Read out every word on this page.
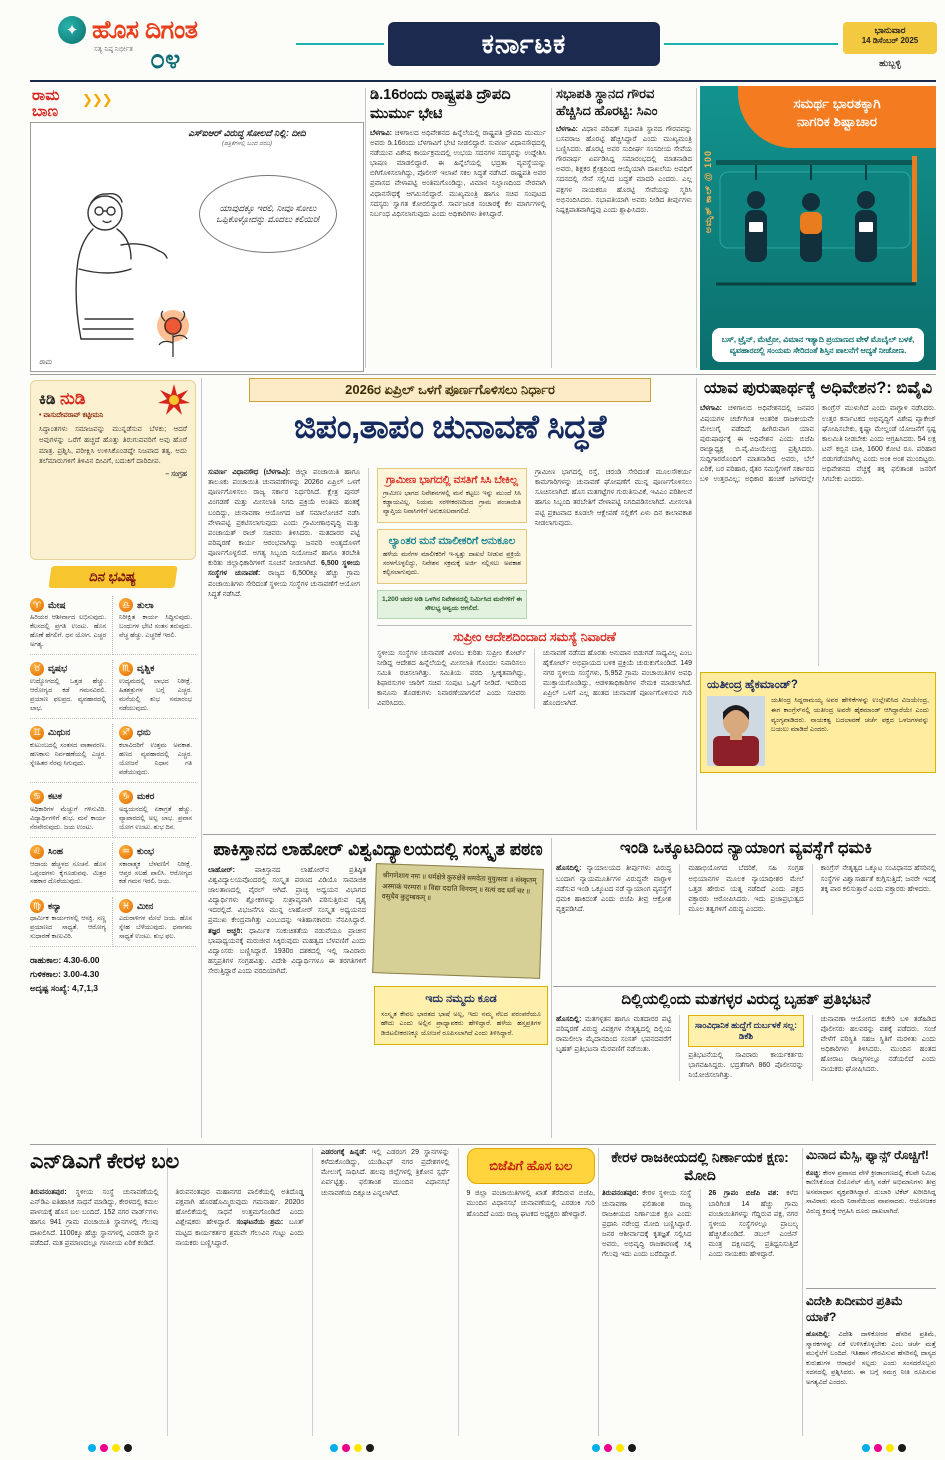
✦ ಹೊಸ ದಿಗಂತ
ಸತ್ಯ ನಿಷ್ಠ ನಿರ್ಭೀತ ೦೪	ಕರ್ನಾಟಕ	ಭಾನುವಾರ
14 ಡಿಸೆಂಬರ್ 2025
ಹುಬ್ಬಳ್ಳಿ
ರಾಮ
ಬಾಣ
❯❯❯
ಎಸ್‌ಐಆರ್ ವಿರುದ್ಧ ಸೋಲದೆ ನಿಲ್ಲಿ: ದೀದಿ
(ಪತ್ರಿಕೆಗಳಲ್ಲಿ ಬಂದ ವರದಿ)
ಯಾವುದಕ್ಕೂ ಇರಲಿ, ನೀವೂ ಸೋಲು ಒಪ್ಪಿಕೊಳ್ಳೋದನ್ನು ಮೊದಲು ಕಲಿಯಿರಿ!
ರಾಮ
ಡಿ.16ರಂದು ರಾಷ್ಟ್ರಪತಿ ದ್ರೌಪದಿ ಮುರ್ಮು ಭೇಟಿ

ಬೆಳಗಾವಿ: ಚಳಿಗಾಲದ ಅಧಿವೇಶನದ ಹಿನ್ನೆಲೆಯಲ್ಲಿ ರಾಷ್ಟ್ರಪತಿ ದ್ರೌಪದಿ ಮುರ್ಮು ಅವರು ಡಿ.16ರಂದು ಬೆಳಗಾವಿಗೆ ಭೇಟಿ ನೀಡಲಿದ್ದಾರೆ. ಸುವರ್ಣ ವಿಧಾನಸೌಧದಲ್ಲಿ ನಡೆಯುವ ವಿಶೇಷ ಕಾರ್ಯಕ್ರಮದಲ್ಲಿ ಉಭಯ ಸದನಗಳ ಸದಸ್ಯರನ್ನು ಉದ್ದೇಶಿಸಿ ಭಾಷಣ ಮಾಡಲಿದ್ದಾರೆ. ಈ ಹಿನ್ನೆಲೆಯಲ್ಲಿ ಭದ್ರತಾ ವ್ಯವಸ್ಥೆಯನ್ನು ಬಿಗಿಗೊಳಿಸಲಾಗಿದ್ದು, ಪೊಲೀಸ್ ಇಲಾಖೆ ಸಕಲ ಸಿದ್ಧತೆ ನಡೆಸಿದೆ. ರಾಷ್ಟ್ರಪತಿ ಅವರ ಪ್ರವಾಸದ ವೇಳಾಪಟ್ಟಿ ಅಂತಿಮಗೊಂಡಿದ್ದು, ವಿಮಾನ ನಿಲ್ದಾಣದಿಂದ ನೇರವಾಗಿ ವಿಧಾನಸೌಧಕ್ಕೆ ಆಗಮಿಸಲಿದ್ದಾರೆ. ಮುಖ್ಯಮಂತ್ರಿ ಹಾಗೂ ಸಚಿವ ಸಂಪುಟದ ಸದಸ್ಯರು ಸ್ವಾಗತ ಕೋರಲಿದ್ದಾರೆ. ಸಾರ್ವಜನಿಕ ಸಂಚಾರಕ್ಕೆ ಕೆಲ ಮಾರ್ಗಗಳಲ್ಲಿ ನಿರ್ಬಂಧ ವಿಧಿಸಲಾಗುವುದು ಎಂದು ಅಧಿಕಾರಿಗಳು ತಿಳಿಸಿದ್ದಾರೆ.

ಸಭಾಪತಿ ಸ್ಥಾನದ ಗೌರವ ಹೆಚ್ಚಿಸಿದ ಹೊರಟ್ಟಿ: ಸಿಎಂ

ಬೆಳಗಾವಿ: ವಿಧಾನ ಪರಿಷತ್ ಸಭಾಪತಿ ಸ್ಥಾನದ ಗೌರವವನ್ನು ಬಸವರಾಜ ಹೊರಟ್ಟಿ ಹೆಚ್ಚಿಸಿದ್ದಾರೆ ಎಂದು ಮುಖ್ಯಮಂತ್ರಿ ಬಣ್ಣಿಸಿದರು. ಹೊರಟ್ಟಿ ಅವರ ಸುದೀರ್ಘ ಸಂಸದೀಯ ಸೇವೆಯ ಗೌರವಾರ್ಥ ಏರ್ಪಡಿಸಿದ್ದ ಸಮಾರಂಭದಲ್ಲಿ ಮಾತನಾಡಿದ ಅವರು, ಶಿಕ್ಷಕರ ಕ್ಷೇತ್ರದಿಂದ ಆಯ್ಕೆಯಾಗಿ ದಾಖಲೆಯ ಅವಧಿಗೆ ಸದನದಲ್ಲಿ ಸೇವೆ ಸಲ್ಲಿಸಿದ ಬದ್ಧತೆ ಮಾದರಿ ಎಂದರು. ಎಲ್ಲ ಪಕ್ಷಗಳ ನಾಯಕರೂ ಹೊರಟ್ಟಿ ಸೇವೆಯನ್ನು ಸ್ಮರಿಸಿ ಅಭಿನಂದಿಸಿದರು. ಸಭಾಪತಿಯಾಗಿ ಅವರು ನೀಡಿದ ತೀರ್ಪುಗಳು ನಿಷ್ಪಕ್ಷಪಾತವಾಗಿದ್ದವು ಎಂದು ಶ್ಲಾಘಿಸಿದರು.

ಸಮರ್ಥ ಭಾರತಕ್ಕಾಗಿ
ನಾಗರಿಕ ಶಿಷ್ಟಾಚಾರ
ಅಮೃತ್ ಕಾಲ್ @ 100
ಬಸ್, ಟ್ರೈನ್, ಮೆಟ್ರೋ, ವಿಮಾನ ಇತ್ಯಾದಿ ಪ್ರಯಾಣದ ವೇಳೆ ಮೊಬೈಲ್ ಬಳಕೆ, ವ್ಯವಹಾರದಲ್ಲಿ ಸಂಯಮ ಸೇರಿದಂತೆ ಶಿಸ್ತಿನ ಪಾಲನೆಗೆ ಆದ್ಯತೆ ನೀಡೋಣ.
ಕಿಡಿ ನುಡಿ
• ವಾಸುದೇವರಾವ್ ಕಟ್ಟೀಮನಿ
ಸಿದ್ಧಾಂತಗಳು ಸಮಾಜವನ್ನು ಮುನ್ನಡೆಸುವ ಬೆಳಕು; ಆದರೆ ಅವುಗಳನ್ನು ಒರೆಗೆ ಹಚ್ಚದೆ ಹೊತ್ತು ತಿರುಗುವವರಿಗೆ ಅವು ಹೊರೆ ಮಾತ್ರ. ಪ್ರಶ್ನಿಸಿ, ಪರೀಕ್ಷಿಸಿ ಉಳಿಸಿಕೊಂಡದ್ದೇ ನಿಜವಾದ ತತ್ವ. ಅದು ತಲೆಮಾರುಗಳಿಗೆ ತಿಳಿವಿನ ದೀವಿಗೆ, ಬದುಕಿಗೆ ದಾರಿದೀಪ.
– ಸಂಗ್ರಹ
ದಿನ ಭವಿಷ್ಯ
♈ ಮೇಷ
ಹಿರಿಯರ ಆಶೀರ್ವಾದ ಲಭಿಸುವುದು. ಕೆಲಸದಲ್ಲಿ ಪ್ರಗತಿ ಉಂಟು. ಹೊಸ ಹೊಣೆ ಹೆಗಲಿಗೆ. ಧನ ಯೋಗ. ಎಚ್ಚರ ಅಗತ್ಯ.
♎ ತುಲಾ
ನಿರೀಕ್ಷಿತ ಕಾರ್ಯ ಸಿದ್ಧಿಸುವುದು. ಬಂಧುಗಳ ಭೇಟಿ ಸಂತಸ ತರುವುದು. ವೆಚ್ಚ ಹೆಚ್ಚು. ಎಚ್ಚರಿಕೆ ಇರಲಿ.
♉ ವೃಷಭ
ಉದ್ಯೋಗದಲ್ಲಿ ಒತ್ತಡ ಹೆಚ್ಚು. ಆರೋಗ್ಯದ ಕಡೆ ಗಮನವಿರಲಿ. ಪ್ರಯಾಣ ಫಲಪ್ರದ. ವ್ಯವಹಾರದಲ್ಲಿ ಲಾಭ.
♏ ವೃಶ್ಚಿಕ
ಉದ್ಯಮದಲ್ಲಿ ಲಾಭದ ನಿರೀಕ್ಷೆ. ಹಿತಶತ್ರುಗಳ ಬಗ್ಗೆ ಎಚ್ಚರ. ಮನೆಯಲ್ಲಿ ಶುಭ ಸಮಾರಂಭ ನಡೆಯುವುದು.
♊ ಮಿಥುನ
ಕುಟುಂಬದಲ್ಲಿ ಸಂತಸದ ವಾತಾವರಣ. ಹಣಕಾಸು ನಿರ್ವಹಣೆಯಲ್ಲಿ ಎಚ್ಚರ. ಸ್ನೇಹಿತರ ನೆರವು ಸಿಗುವುದು.
♐ ಧನು
ಕಲಾವಿದರಿಗೆ ಉತ್ತಮ ಅವಕಾಶ. ಹಣದ ವ್ಯವಹಾರದಲ್ಲಿ ಎಚ್ಚರ. ಯೋಜನೆ ನಿಧಾನ ಗತಿ ಪಡೆಯುವುದು.
♋ ಕಟಕ
ಅಧಿಕಾರಿಗಳ ಮೆಚ್ಚುಗೆ ಗಳಿಸುವಿರಿ. ವಿದ್ಯಾರ್ಥಿಗಳಿಗೆ ಶುಭ. ಮನೆ ಕಾರ್ಯ ನೆರವೇರುವುದು. ಜಯ ಉಂಟು.
♑ ಮಕರ
ಅಧ್ಯಯನದಲ್ಲಿ ಏಕಾಗ್ರತೆ ಹೆಚ್ಚು. ವ್ಯಾಪಾರದಲ್ಲಿ ಅಲ್ಪ ಲಾಭ. ಪ್ರವಾಸ ಯೋಗ ಉಂಟು. ಶುಭ ದಿನ.
♌ ಸಿಂಹ
ಆದಾಯ ಹೆಚ್ಚಳದ ಸೂಚನೆ. ಹೊಸ ಒಪ್ಪಂದಗಳು ಕೈಗೂಡುವವು. ಮಿತ್ರರ ಸಹಕಾರ ದೊರೆಯುವುದು.
♒ ಕುಂಭ
ಸಕಾರಾತ್ಮಕ ಬೆಳವಣಿಗೆ ನಿರೀಕ್ಷೆ. ಆಪ್ತರ ಸಲಹೆ ಪಾಲಿಸಿ. ಆರೋಗ್ಯದ ಕಡೆ ಗಮನ ಇರಲಿ. ಜಯ.
♍ ಕನ್ಯಾ
ಧಾರ್ಮಿಕ ಕಾರ್ಯಗಳಲ್ಲಿ ಆಸಕ್ತಿ. ಸಣ್ಣ ಪ್ರಯಾಣದ ಸಾಧ್ಯತೆ. ಆರೋಗ್ಯ ಸುಧಾರಣೆ ಕಾಣುವಿರಿ.
♓ ಮೀನ
ಎದುರಾಳಿಗಳ ಮೇಲೆ ಜಯ. ಹೊಸ ಸ್ನೇಹ ಬೆಳೆಯುವುದು. ಧನಾಗಮ ಸಾಧ್ಯತೆ ಉಂಟು. ಶುಭ ಫಲ.
ರಾಹುಕಾಲ: 4.30-6.00
ಗುಳಿಕಕಾಲ: 3.00-4.30
ಅದೃಷ್ಟ ಸಂಖ್ಯೆ: 4,7,1,3
2026ರ ಏಪ್ರಿಲ್ ಒಳಗೆ ಪೂರ್ಣಗೊಳಿಸಲು ನಿರ್ಧಾರ
ಜಿಪಂ,ತಾಪಂ ಚುನಾವಣೆ ಸಿದ್ಧತೆ

ಸುವರ್ಣ ವಿಧಾನಸೌಧ (ಬೆಳಗಾವಿ): ಜಿಲ್ಲಾ ಪಂಚಾಯಿತಿ ಹಾಗೂ ತಾಲೂಕು ಪಂಚಾಯಿತಿ ಚುನಾವಣೆಗಳನ್ನು 2026ರ ಏಪ್ರಿಲ್ ಒಳಗೆ ಪೂರ್ಣಗೊಳಿಸಲು ರಾಜ್ಯ ಸರ್ಕಾರ ನಿರ್ಧರಿಸಿದೆ. ಕ್ಷೇತ್ರ ಪುನರ್ ವಿಂಗಡಣೆ ಮತ್ತು ಮೀಸಲಾತಿ ನಿಗದಿ ಪ್ರಕ್ರಿಯೆ ಅಂತಿಮ ಹಂತಕ್ಕೆ ಬಂದಿದ್ದು, ಚುನಾವಣಾ ಆಯೋಗದ ಜತೆ ಸಮಾಲೋಚನೆ ನಡೆಸಿ ವೇಳಾಪಟ್ಟಿ ಪ್ರಕಟಿಸಲಾಗುವುದು ಎಂದು ಗ್ರಾಮೀಣಾಭಿವೃದ್ಧಿ ಮತ್ತು ಪಂಚಾಯತ್ ರಾಜ್ ಸಚಿವರು ತಿಳಿಸಿದರು. ಮತದಾರರ ಪಟ್ಟಿ ಪರಿಷ್ಕರಣೆ ಕಾರ್ಯ ಆರಂಭವಾಗಿದ್ದು ಜನವರಿ ಅಂತ್ಯದೊಳಗೆ ಪೂರ್ಣಗೊಳ್ಳಲಿದೆ. ಅಗತ್ಯ ಸಿಬ್ಬಂದಿ ನಿಯೋಜನೆ ಹಾಗೂ ತರಬೇತಿ ಕುರಿತು ಜಿಲ್ಲಾಧಿಕಾರಿಗಳಿಗೆ ಸೂಚನೆ ನೀಡಲಾಗಿದೆ. 6,500 ಸ್ಥಳೀಯ ಸಂಸ್ಥೆಗಳ ಚುನಾವಣೆ: ರಾಜ್ಯದ 6,500ಕ್ಕೂ ಹೆಚ್ಚು ಗ್ರಾಮ ಪಂಚಾಯಿತಿಗಳು ಸೇರಿದಂತೆ ಸ್ಥಳೀಯ ಸಂಸ್ಥೆಗಳ ಚುನಾವಣೆಗೆ ಆಯೋಗ ಸಿದ್ಧತೆ ನಡೆಸಿದೆ.

ಗ್ರಾಮೀಣ ಭಾಗದಲ್ಲಿ ವಸತಿಗೆ ಸಿಸಿ ಬೇಕಿಲ್ಲ
ಗ್ರಾಮೀಣ ಭಾಗದ ನಿವೇಶನಗಳಲ್ಲಿ ಮನೆ ಕಟ್ಟಲು ಇನ್ನು ಮುಂದೆ ಸಿಸಿ ಕಡ್ಡಾಯವಿಲ್ಲ. ನಿಯಮ ಸರಳೀಕರಣದಿಂದ ಗ್ರಾಮ ಪಂಚಾಯಿತಿ ವ್ಯಾಪ್ತಿಯ ನಿವಾಸಿಗಳಿಗೆ ಅನುಕೂಲವಾಗಲಿದೆ.
ಲ್ಯಾಂತರ ಮನೆ ಮಾಲೀಕರಿಗೆ ಅನುಕೂಲ
ಹಳೆಯ ಮನೆಗಳ ಮಾಲೀಕರಿಗೆ ಇ-ಸ್ವತ್ತು ದಾಖಲೆ ನೀಡುವ ಪ್ರಕ್ರಿಯೆ ಸರಳಗೊಳ್ಳಲಿದ್ದು, ನಿವೇಶನ ಸಕ್ರಮಕ್ಕೆ ಅರ್ಜಿ ಸಲ್ಲಿಸಲು ಅವಕಾಶ ಕಲ್ಪಿಸಲಾಗುವುದು.
1,200 ಚದರ ಅಡಿ ಒಳಗಿನ ನಿವೇಶನದಲ್ಲಿ ನಿರ್ಮಿಸಿದ ಮನೆಗಳಿಗೆ ಈ ಸೌಲಭ್ಯ ಅನ್ವಯ ಆಗಲಿದೆ.

ಗ್ರಾಮೀಣ ಭಾಗದಲ್ಲಿ ರಸ್ತೆ, ಚರಂಡಿ ಸೇರಿದಂತೆ ಮೂಲಸೌಕರ್ಯ ಕಾಮಗಾರಿಗಳನ್ನು ಚುನಾವಣೆ ಘೋಷಣೆಗೆ ಮುನ್ನ ಪೂರ್ಣಗೊಳಿಸಲು ಸೂಚಿಸಲಾಗಿದೆ. ಹೊಸ ಮತಗಟ್ಟೆಗಳ ಗುರುತಿಸುವಿಕೆ, ಇವಿಎಂ ಪರಿಶೀಲನೆ ಹಾಗೂ ಸಿಬ್ಬಂದಿ ತರಬೇತಿಗೆ ವೇಳಾಪಟ್ಟಿ ನಿಗದಿಪಡಿಸಲಾಗಿದೆ. ಮೀಸಲಾತಿ ಪಟ್ಟಿ ಪ್ರಕಟವಾದ ಕೂಡಲೇ ಆಕ್ಷೇಪಣೆ ಸಲ್ಲಿಕೆಗೆ ಏಳು ದಿನ ಕಾಲಾವಕಾಶ ನೀಡಲಾಗುವುದು.

ಸುಪ್ರೀಂ ಆದೇಶದಿಂದಾದ ಸಮಸ್ಯೆ ನಿವಾರಣೆ

ಸ್ಥಳೀಯ ಸಂಸ್ಥೆಗಳ ಚುನಾವಣೆ ವಿಳಂಬ ಕುರಿತು ಸುಪ್ರೀಂ ಕೋರ್ಟ್ ನೀಡಿದ್ದ ಆದೇಶದ ಹಿನ್ನೆಲೆಯಲ್ಲಿ ಮೀಸಲಾತಿ ಗೊಂದಲ ನಿವಾರಿಸಲು ಸಮಿತಿ ರಚಿಸಲಾಗಿತ್ತು. ಸಮಿತಿಯ ವರದಿ ಸ್ವೀಕೃತವಾಗಿದ್ದು, ಶಿಫಾರಸುಗಳ ಜಾರಿಗೆ ಸಚಿವ ಸಂಪುಟ ಒಪ್ಪಿಗೆ ನೀಡಿದೆ. ಇದರಿಂದ ಕಾನೂನು ತೊಡಕುಗಳು ನಿವಾರಣೆಯಾಗಲಿವೆ ಎಂದು ಸಚಿವರು ವಿವರಿಸಿದರು.

ಚುನಾವಣೆ ನಡೆಸದ ಹೊರತು ಅನುದಾನ ಬಿಡುಗಡೆ ಸಾಧ್ಯವಿಲ್ಲ ಎಂಬ ಹೈಕೋರ್ಟ್ ಅಭಿಪ್ರಾಯದ ಬಳಿಕ ಪ್ರಕ್ರಿಯೆ ಚುರುಕುಗೊಂಡಿದೆ. 149 ನಗರ ಸ್ಥಳೀಯ ಸಂಸ್ಥೆಗಳು, 5,952 ಗ್ರಾಮ ಪಂಚಾಯಿತಿಗಳ ಅವಧಿ ಮುಕ್ತಾಯಗೊಂಡಿದ್ದು, ಆಡಳಿತಾಧಿಕಾರಿಗಳ ನೇಮಕ ಮಾಡಲಾಗಿದೆ. ಏಪ್ರಿಲ್ ಒಳಗೆ ಎಲ್ಲ ಹಂತದ ಚುನಾವಣೆ ಪೂರ್ಣಗೊಳಿಸುವ ಗುರಿ ಹೊಂದಲಾಗಿದೆ.

ಯಾವ ಪುರುಷಾರ್ಥಕ್ಕೆ ಅಧಿವೇಶನ?: ಬಿವೈವಿ

ಬೆಳಗಾವಿ: ಚಳಿಗಾಲದ ಅಧಿವೇಶನದಲ್ಲಿ ಜನಪರ ವಿಷಯಗಳ ಚರ್ಚೆಗಿಂತ ಆಂತರಿಕ ರಾಜಕೀಯವೇ ಮೇಲುಗೈ ಪಡೆದಿದೆ; ಹೀಗಿರುವಾಗ ಯಾವ ಪುರುಷಾರ್ಥಕ್ಕೆ ಈ ಅಧಿವೇಶನ ಎಂದು ಬಿಜೆಪಿ ರಾಜ್ಯಾಧ್ಯಕ್ಷ ಬಿ.ವೈ.ವಿಜಯೇಂದ್ರ ಪ್ರಶ್ನಿಸಿದರು. ಸುದ್ದಿಗಾರರೊಂದಿಗೆ ಮಾತನಾಡಿದ ಅವರು, ಬೆಲೆ ಏರಿಕೆ, ಬರ ಪರಿಹಾರ, ರೈತರ ಸಮಸ್ಯೆಗಳಿಗೆ ಸರ್ಕಾರದ ಬಳಿ ಉತ್ತರವಿಲ್ಲ; ಅಧಿಕಾರ ಹಂಚಿಕೆ ಜಗಳದಲ್ಲೇ ಕಾಂಗ್ರೆಸ್ ಮುಳುಗಿದೆ ಎಂದು ವಾಗ್ದಾಳಿ ನಡೆಸಿದರು. ಉತ್ತರ ಕರ್ನಾಟಕದ ಅಭಿವೃದ್ಧಿಗೆ ವಿಶೇಷ ಪ್ಯಾಕೇಜ್ ಘೋಷಿಸಬೇಕು, ಕೃಷ್ಣಾ ಮೇಲ್ದಂಡೆ ಯೋಜನೆಗೆ ಸ್ಪಷ್ಟ ಕಾಲಮಿತಿ ನೀಡಬೇಕು ಎಂದು ಆಗ್ರಹಿಸಿದರು. 54 ಲಕ್ಷ ಟನ್ ಕಬ್ಬಿನ ಬಾಕಿ, 1600 ಕೋಟಿ ರೂ. ಪರಿಹಾರ ಬಿಡುಗಡೆಯಾಗಿಲ್ಲ ಎಂದು ಅಂಕಿ ಅಂಶ ಮುಂದಿಟ್ಟರು. ಅಧಿವೇಶನದ ವೆಚ್ಚಕ್ಕೆ ತಕ್ಕ ಫಲಿತಾಂಶ ಜನರಿಗೆ ಸಿಗಬೇಕು ಎಂದರು.

ಯತೀಂದ್ರ ಹೈಕಮಾಂಡ್?
ಯತೀಂದ್ರ ಸಿದ್ದರಾಮಯ್ಯ ಅವರ ಹೇಳಿಕೆಗಳನ್ನು ಉಲ್ಲೇಖಿಸಿದ ವಿಜಯೇಂದ್ರ, ಈಗ ಕಾಂಗ್ರೆಸ್‌ನಲ್ಲಿ ಯತೀಂದ್ರ ಅವರೇ ಹೈಕಮಾಂಡ್ ಆಗಿದ್ದಾರೆಯೇ ಎಂದು ವ್ಯಂಗ್ಯವಾಡಿದರು. ನಾಯಕತ್ವ ಬದಲಾವಣೆ ಚರ್ಚೆ ಪಕ್ಷದ ಒಳಜಗಳವನ್ನು ಬಯಲು ಮಾಡಿದೆ ಎಂದರು.
ಪಾಕಿಸ್ತಾನದ ಲಾಹೋರ್ ವಿಶ್ವವಿದ್ಯಾಲಯದಲ್ಲಿ ಸಂಸ್ಕೃತ ಪಠಣ

ಲಾಹೋರ್:	ಪಾಕಿಸ್ತಾನದ ಲಾಹೋರ್‌ನ ಪ್ರತಿಷ್ಠಿತ ವಿಶ್ವವಿದ್ಯಾಲಯವೊಂದರಲ್ಲಿ ಸಂಸ್ಕೃತ ಪಠಣದ ವಿಡಿಯೊ ಸಾಮಾಜಿಕ ಜಾಲತಾಣದಲ್ಲಿ ವೈರಲ್ ಆಗಿದೆ. ಪ್ರಾಚ್ಯ ಅಧ್ಯಯನ ವಿಭಾಗದ ವಿದ್ಯಾರ್ಥಿಗಳು ಶ್ಲೋಕಗಳನ್ನು ಸುಶ್ರಾವ್ಯವಾಗಿ ಪಠಿಸುತ್ತಿರುವ ದೃಶ್ಯ ಇದರಲ್ಲಿದೆ. ವಿಭಜನೆಗೂ ಮುನ್ನ ಲಾಹೋರ್ ಸಂಸ್ಕೃತ ಅಧ್ಯಯನದ ಪ್ರಮುಖ ಕೇಂದ್ರವಾಗಿತ್ತು ಎಂಬುದನ್ನು ಇತಿಹಾಸಕಾರರು ನೆನಪಿಸಿದ್ದಾರೆ. ತಜ್ಞರ ಅಚ್ಚರಿ: ಧಾರ್ಮಿಕ ಸಂಕುಚಿತತೆಯ ನಡುವೆಯೂ ಪ್ರಾಚೀನ ಭಾಷಾಧ್ಯಯನಕ್ಕೆ ಮರುಜೀವ ಸಿಕ್ಕಿರುವುದು ಮಹತ್ವದ ಬೆಳವಣಿಗೆ ಎಂದು ವಿದ್ವಾಂಸರು ಬಣ್ಣಿಸಿದ್ದಾರೆ. 1930ರ ದಶಕದಲ್ಲಿ ಇಲ್ಲಿ ಸಾವಿರಾರು ಹಸ್ತಪ್ರತಿಗಳ ಸಂಗ್ರಹವಿತ್ತು. ವಿದೇಶಿ ವಿದ್ಯಾರ್ಥಿಗಳೂ ಈ ತರಗತಿಗಳಿಗೆ ಸೇರುತ್ತಿದ್ದಾರೆ ಎಂದು ವರದಿಯಾಗಿದೆ.

श्रीगणेशाय नमः ॥ धर्मक्षेत्रे कुरुक्षेत्रे समवेता युयुत्सवः ॥ संस्कृतम् अस्माकं परम्परा ॥ विद्या ददाति विनयम् ॥ सत्यं वद धर्मं चर ॥ वसुधैव कुटुम्बकम् ॥
ಇದು ನಮ್ಮದು ಕೂಡ
ಸಂಸ್ಕೃತ ಕೇವಲ ಭಾರತದ ಭಾಷೆ ಅಲ್ಲ, ಇದು ನಮ್ಮ ನೆಲದ ಪರಂಪರೆಯೂ ಹೌದು ಎಂದು ಅಲ್ಲಿನ ಪ್ರಾಧ್ಯಾಪಕರು ಹೇಳಿದ್ದಾರೆ. ಹಳೆಯ ಹಸ್ತಪ್ರತಿಗಳ ಡಿಜಿಟಲೀಕರಣಕ್ಕೂ ಯೋಜನೆ ರೂಪಿಸಲಾಗಿದೆ ಎಂದು ತಿಳಿಸಿದ್ದಾರೆ.
ಇಂಡಿ ಒಕ್ಕೂಟದಿಂದ ನ್ಯಾಯಾಂಗ ವ್ಯವಸ್ಥೆಗೆ ಧಮಕಿ

ಹೊಸದಿಲ್ಲಿ: ನ್ಯಾಯಾಲಯದ ತೀರ್ಪುಗಳು ವಿರುದ್ಧ ಬಂದಾಗ ನ್ಯಾಯಮೂರ್ತಿಗಳ ವಿರುದ್ಧವೇ ವಾಗ್ದಾಳಿ ನಡೆಸುವ ಇಂಡಿ ಒಕ್ಕೂಟದ ನಡೆ ನ್ಯಾಯಾಂಗ ವ್ಯವಸ್ಥೆಗೆ ಧಮಕಿ ಹಾಕಿದಂತೆ ಎಂದು ಬಿಜೆಪಿ ತೀವ್ರ ಆಕ್ರೋಶ ವ್ಯಕ್ತಪಡಿಸಿದೆ.

ಮಹಾಭಿಯೋಗದ ಬೆದರಿಕೆ, ಸಹಿ ಸಂಗ್ರಹ ಅಭಿಯಾನಗಳ ಮೂಲಕ ನ್ಯಾಯಾಧೀಶರ ಮೇಲೆ ಒತ್ತಡ ಹೇರುವ ಯತ್ನ ನಡೆದಿದೆ ಎಂದು ಪಕ್ಷದ ವಕ್ತಾರರು ಆರೋಪಿಸಿದರು. ಇದು ಪ್ರಜಾಪ್ರಭುತ್ವದ ಮೂಲ ತತ್ವಗಳಿಗೆ ವಿರುದ್ಧ ಎಂದರು.

ಕಾಂಗ್ರೆಸ್ ನೇತೃತ್ವದ ಒಕ್ಕೂಟ ಸಂವಿಧಾನದ ಹೆಸರಿನಲ್ಲಿ ಸಂಸ್ಥೆಗಳ ವಿಶ್ವಾಸಾರ್ಹತೆ ಕುಗ್ಗಿಸುತ್ತಿದೆ; ಜನರೇ ಇದಕ್ಕೆ ತಕ್ಕ ಪಾಠ ಕಲಿಸುತ್ತಾರೆ ಎಂದು ವಕ್ತಾರರು ಹೇಳಿದರು.

ದಿಲ್ಲಿಯಲ್ಲಿಂದು ಮತಗಳ್ಳರ ವಿರುದ್ಧ ಬೃಹತ್ ಪ್ರತಿಭಟನೆ

ಹೊಸದಿಲ್ಲಿ: ಮತಗಳ್ಳತನ ಹಾಗೂ ಮತದಾರರ ಪಟ್ಟಿ ಪರಿಷ್ಕರಣೆ ವಿರುದ್ಧ ವಿಪಕ್ಷಗಳ ನೇತೃತ್ವದಲ್ಲಿ ದಿಲ್ಲಿಯ ರಾಮಲೀಲಾ ಮೈದಾನದಿಂದ ಸಂಸತ್ ಭವನದವರೆಗೆ ಬೃಹತ್ ಪ್ರತಿಭಟನಾ ಮೆರವಣಿಗೆ ನಡೆಯಿತು.

ಸಾಂವಿಧಾನಿಕ ಹುದ್ದೆಗೆ ದುರ್ಬಳಕೆ ಸಲ್ಲ: ಡಿಕೆಶಿ

ಪ್ರತಿಭಟನೆಯಲ್ಲಿ ಸಾವಿರಾರು ಕಾರ್ಯಕರ್ತರು ಭಾಗವಹಿಸಿದ್ದರು. ಭದ್ರತೆಗಾಗಿ 860 ಪೊಲೀಸರನ್ನು ನಿಯೋಜಿಸಲಾಗಿತ್ತು.

ಚುನಾವಣಾ ಆಯೋಗದ ಕಚೇರಿ ಬಳಿ ತಡೆಹಿಡಿದ ಪೊಲೀಸರು ಹಲವರನ್ನು ವಶಕ್ಕೆ ಪಡೆದರು. ಸಂಜೆ ವೇಳೆಗೆ ಪರಿಸ್ಥಿತಿ ಸಹಜ ಸ್ಥಿತಿಗೆ ಮರಳಿತು ಎಂದು ಅಧಿಕಾರಿಗಳು ತಿಳಿಸಿದರು. ಮುಂದಿನ ಹಂತದ ಹೋರಾಟ ರಾಜ್ಯಗಳಲ್ಲೂ ನಡೆಯಲಿದೆ ಎಂದು ನಾಯಕರು ಘೋಷಿಸಿದರು.

ಎನ್‌ಡಿಎಗೆ ಕೇರಳ ಬಲ

ತಿರುವನಂತಪುರ: ಸ್ಥಳೀಯ ಸಂಸ್ಥೆ ಚುನಾವಣೆಯಲ್ಲಿ ಎನ್‌ಡಿಎ ಐತಿಹಾಸಿಕ ಸಾಧನೆ ಮಾಡಿದ್ದು, ಕೇರಳದಲ್ಲಿ ಕಮಲ ಪಾಳಯಕ್ಕೆ ಹೊಸ ಬಲ ಬಂದಿದೆ. 152 ನಗರ ವಾರ್ಡ್‌ಗಳು ಹಾಗೂ 941 ಗ್ರಾಮ ಪಂಚಾಯಿತಿ ಸ್ಥಾನಗಳಲ್ಲಿ ಗೆಲುವು ದಾಖಲಿಸಿದೆ. 1100ಕ್ಕೂ ಹೆಚ್ಚು ಸ್ಥಾನಗಳಲ್ಲಿ ಎರಡನೇ ಸ್ಥಾನ ಪಡೆದಿದೆ. ಮತ ಪ್ರಮಾಣದಲ್ಲೂ ಗಣನೀಯ ಏರಿಕೆ ಕಂಡಿದೆ.

ತಿರುವನಂತಪುರ ಮಹಾನಗರ ಪಾಲಿಕೆಯಲ್ಲಿ ಅತಿದೊಡ್ಡ ಪಕ್ಷವಾಗಿ ಹೊರಹೊಮ್ಮಿರುವುದು ಗಮನಾರ್ಹ. 2020ರ ಹೋಲಿಕೆಯಲ್ಲಿ ಸಾಧನೆ ಉತ್ತಮಗೊಂಡಿದೆ ಎಂದು ವಿಶ್ಲೇಷಕರು ಹೇಳಿದ್ದಾರೆ. ಸಂಘಟನೆಯ ಶ್ರಮ: ಬೂತ್ ಮಟ್ಟದ ಕಾರ್ಯಕರ್ತರ ಶ್ರಮವೇ ಗೆಲುವಿನ ಗುಟ್ಟು ಎಂದು ನಾಯಕರು ಬಣ್ಣಿಸಿದ್ದಾರೆ.

ಎಡರಂಗಕ್ಕೆ ಹಿನ್ನಡೆ: ಇಲ್ಲಿ ಎಡರಂಗ 29 ಸ್ಥಾನಗಳನ್ನು ಕಳೆದುಕೊಂಡಿದ್ದು, ಯುಡಿಎಫ್ ನಗರ ಪ್ರದೇಶಗಳಲ್ಲಿ ಮೇಲುಗೈ ಸಾಧಿಸಿದೆ. ಹಲವು ಜಿಲ್ಲೆಗಳಲ್ಲಿ ತ್ರಿಕೋನ ಸ್ಪರ್ಧೆ ಏರ್ಪಟ್ಟಿತ್ತು. ಫಲಿತಾಂಶ ಮುಂದಿನ ವಿಧಾನಸಭೆ ಚುನಾವಣೆಯ ದಿಕ್ಸೂಚಿ ಎನ್ನಲಾಗಿದೆ.

ಬಿಜೆಪಿಗೆ ಹೊಸ ಬಲ

9 ಜಿಲ್ಲಾ ಪಂಚಾಯಿತಿಗಳಲ್ಲಿ ಖಾತೆ ತೆರೆದಿರುವ ಬಿಜೆಪಿ, ಮುಂದಿನ ವಿಧಾನಸಭೆ ಚುನಾವಣೆಯಲ್ಲಿ ಎರಡಂಕಿ ಗುರಿ ಹೊಂದಿದೆ ಎಂದು ರಾಜ್ಯ ಘಟಕದ ಅಧ್ಯಕ್ಷರು ಹೇಳಿದ್ದಾರೆ.

ಕೇರಳ ರಾಜಕೀಯದಲ್ಲಿ ನಿರ್ಣಾಯಕ ಕ್ಷಣ: ಮೋದಿ

ತಿರುವನಂತಪುರ: ಕೇರಳ ಸ್ಥಳೀಯ ಸಂಸ್ಥೆ ಚುನಾವಣಾ ಫಲಿತಾಂಶ ರಾಜ್ಯ ರಾಜಕೀಯದ ನಿರ್ಣಾಯಕ ಕ್ಷಣ ಎಂದು ಪ್ರಧಾನಿ ನರೇಂದ್ರ ಮೋದಿ ಬಣ್ಣಿಸಿದ್ದಾರೆ. ಜನರ ಆಶೀರ್ವಾದಕ್ಕೆ ಕೃತಜ್ಞತೆ ಸಲ್ಲಿಸಿದ ಅವರು, ಅಭಿವೃದ್ಧಿ ರಾಜಕಾರಣಕ್ಕೆ ಸಿಕ್ಕ ಗೆಲುವು ಇದು ಎಂದು ಬರೆದಿದ್ದಾರೆ.

26 ಗ್ರಾಪಂ ಬಿಜೆಪಿ ವಶ: ಕಳೆದ ಬಾರಿಗಿಂತ 14 ಹೆಚ್ಚು ಗ್ರಾಮ ಪಂಚಾಯಿತಿಗಳನ್ನು ಗೆದ್ದಿರುವ ಪಕ್ಷ, ನಗರ ಸ್ಥಳೀಯ ಸಂಸ್ಥೆಗಳಲ್ಲೂ ಪ್ರಾಬಲ್ಯ ಹೆಚ್ಚಿಸಿಕೊಂಡಿದೆ. ಡಬಲ್ ಎಂಜಿನ್ ಮಂತ್ರ ದಕ್ಷಿಣದಲ್ಲಿ ಪ್ರತಿಧ್ವನಿಸುತ್ತಿದೆ ಎಂದು ನಾಯಕರು ಹೇಳಿದ್ದಾರೆ.

ಮಿನಾದ ಮೆಸ್ಸಿ, ಫ್ಯಾನ್ಸ್ ರೊಚ್ಚಿಗೆ!

ಕೊಚ್ಚಿ: ಕೇರಳ ಪ್ರವಾಸದ ವೇಳೆ ಕ್ರೀಡಾಂಗಣದಲ್ಲಿ ಕೆಲವೇ ನಿಮಿಷ ಕಾಣಿಸಿಕೊಂಡ ಲಿಯೊನೆಲ್ ಮೆಸ್ಸಿ ನಡೆಗೆ ಅಭಿಮಾನಿಗಳು ತೀವ್ರ ಅಸಮಾಧಾನ ವ್ಯಕ್ತಪಡಿಸಿದ್ದಾರೆ. ದುಬಾರಿ ಟಿಕೆಟ್ ಖರೀದಿಸಿದ್ದ ಸಾವಿರಾರು ಮಂದಿ ನಿರಾಸೆಯಿಂದ ವಾಪಸಾದರು. ಆಯೋಜಕರ ವಿರುದ್ಧ ಕ್ರಮಕ್ಕೆ ಆಗ್ರಹಿಸಿ ದೂರು ದಾಖಲಾಗಿದೆ.

ವಿದೇಶಿ ಖದೀಮರ ಪ್ರತಿಮೆ ಯಾಕೆ?

ಹೊಸದಿಲ್ಲಿ: ವಿದೇಶಿ ದಾಳಿಕೋರರ ಹೆಸರಿನ ಪ್ರತಿಮೆ, ಸ್ಮಾರಕಗಳನ್ನು ಏಕೆ ಉಳಿಸಿಕೊಳ್ಳಬೇಕು ಎಂಬ ಚರ್ಚೆ ಮತ್ತೆ ಮುನ್ನೆಲೆಗೆ ಬಂದಿದೆ. ಇತಿಹಾಸ ಗೌರವಿಸುವ ಹೆಸರಿನಲ್ಲಿ ದಾಸ್ಯದ ಕುರುಹುಗಳ ಆರಾಧನೆ ಸಲ್ಲದು ಎಂದು ಸಂಸದರೊಬ್ಬರು ಸದನದಲ್ಲಿ ಪ್ರಶ್ನಿಸಿದರು. ಈ ಬಗ್ಗೆ ಸಮಗ್ರ ನೀತಿ ರೂಪಿಸುವ ಅಗತ್ಯವಿದೆ ಎಂದರು.
